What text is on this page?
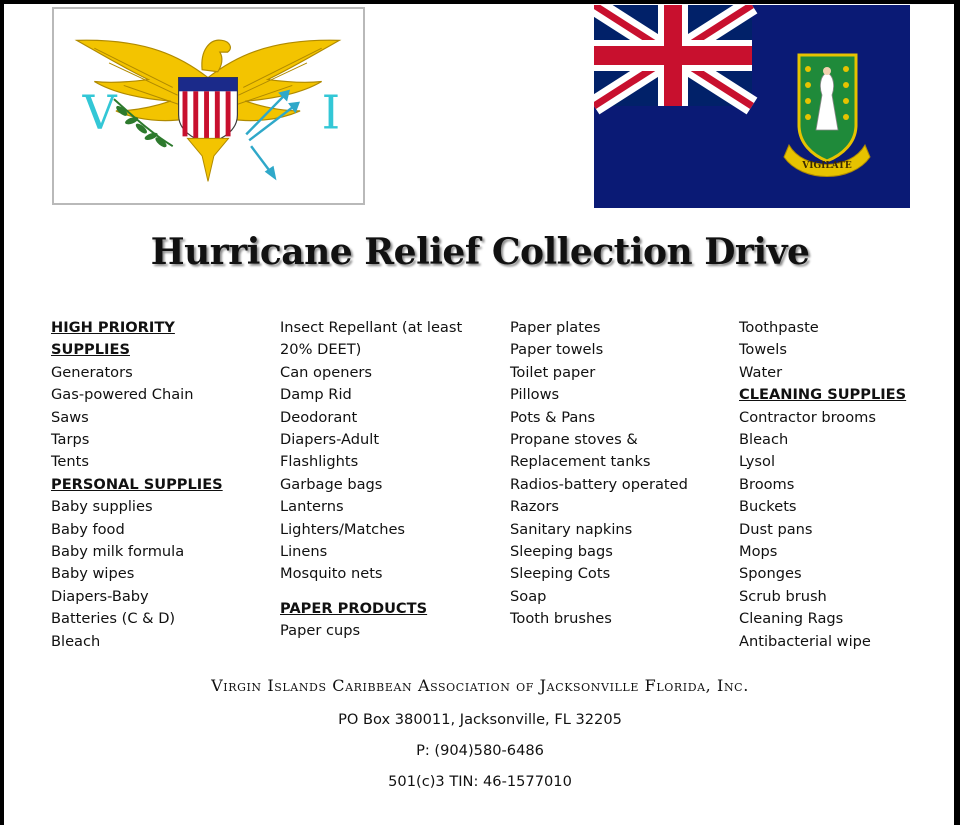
V	I
VIGILATE
Hurricane Relief Collection Drive
HIGH PRIORITY
SUPPLIES
Generators
Gas-powered Chain
Saws
Tarps
Tents
PERSONAL SUPPLIES
Baby supplies
Baby food
Baby milk formula
Baby wipes
Diapers-Baby
Batteries (C & D)
Bleach
Insect Repellant (at least
20% DEET)
Can openers
Damp Rid
Deodorant
Diapers-Adult
Flashlights
Garbage bags
Lanterns
Lighters/Matches
Linens
Mosquito nets
PAPER PRODUCTS
Paper cups
Paper plates
Paper towels
Toilet paper
Pillows
Pots & Pans
Propane stoves &
Replacement tanks
Radios-battery operated
Razors
Sanitary napkins
Sleeping bags
Sleeping Cots
Soap
Tooth brushes
Toothpaste
Towels
Water
CLEANING SUPPLIES
Contractor brooms
Bleach
Lysol
Brooms
Buckets
Dust pans
Mops
Sponges
Scrub brush
Cleaning Rags
Antibacterial wipe
Virgin Islands Caribbean Association of Jacksonville Florida, Inc.
PO Box 380011, Jacksonville, FL 32205
P: (904)580-6486
501(c)3 TIN: 46-1577010
